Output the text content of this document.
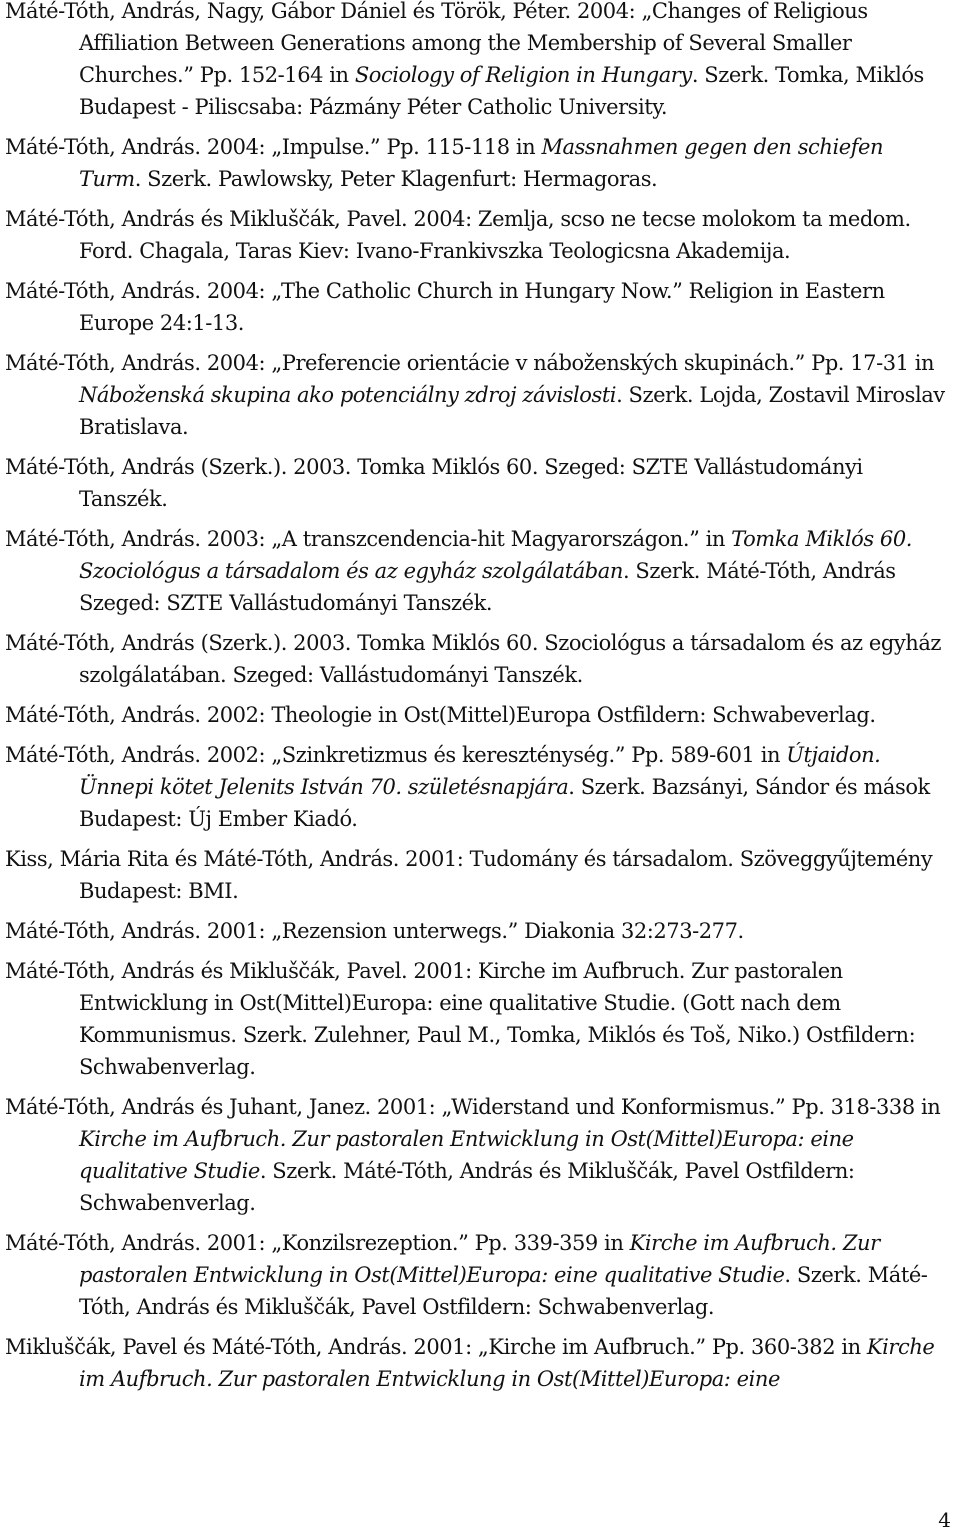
Máté-Tóth, András, Nagy, Gábor Dániel és Török, Péter. 2004: „Changes of Religious Affiliation Between Generations among the Membership of Several Smaller Churches.” Pp. 152-164 in Sociology of Religion in Hungary. Szerk. Tomka, Miklós Budapest - Piliscsaba: Pázmány Péter Catholic University.

Máté-Tóth, András. 2004: „Impulse.” Pp. 115-118 in Massnahmen gegen den schiefen Turm. Szerk. Pawlowsky, Peter Klagenfurt: Hermagoras.

Máté-Tóth, András és Mikluščák, Pavel. 2004: Zemlja, scso ne tecse molokom ta medom. Ford. Chagala, Taras Kiev: Ivano-Frankivszka Teologicsna Akademija.

Máté-Tóth, András. 2004: „The Catholic Church in Hungary Now.” Religion in Eastern Europe 24:1-13.

Máté-Tóth, András. 2004: „Preferencie orientácie v náboženských skupinách.” Pp. 17-31 in Náboženská skupina ako potenciálny zdroj závislosti. Szerk. Lojda, Zostavil Miroslav Bratislava.

Máté-Tóth, András (Szerk.). 2003. Tomka Miklós 60. Szeged: SZTE Vallástudományi Tanszék.

Máté-Tóth, András. 2003: „A transzcendencia-hit Magyarországon.” in Tomka Miklós 60. Szociológus a társadalom és az egyház szolgálatában. Szerk. Máté-Tóth, András Szeged: SZTE Vallástudományi Tanszék.

Máté-Tóth, András (Szerk.). 2003. Tomka Miklós 60. Szociológus a társadalom és az egyház szolgálatában. Szeged: Vallástudományi Tanszék.

Máté-Tóth, András. 2002: Theologie in Ost(Mittel)Europa Ostfildern: Schwabeverlag.

Máté-Tóth, András. 2002: „Szinkretizmus és kereszténység.” Pp. 589-601 in Útjaidon. Ünnepi kötet Jelenits István 70. születésnapjára. Szerk. Bazsányi, Sándor és mások Budapest: Új Ember Kiadó.

Kiss, Mária Rita és Máté-Tóth, András. 2001: Tudomány és társadalom. Szöveggyűjtemény Budapest: BMI.

Máté-Tóth, András. 2001: „Rezension unterwegs.” Diakonia 32:273-277.

Máté-Tóth, András és Mikluščák, Pavel. 2001: Kirche im Aufbruch. Zur pastoralen Entwicklung in Ost(Mittel)Europa: eine qualitative Studie. (Gott nach dem Kommunismus. Szerk. Zulehner, Paul M., Tomka, Miklós és Toš, Niko.) Ostfildern: Schwabenverlag.

Máté-Tóth, András és Juhant, Janez. 2001: „Widerstand und Konformismus.” Pp. 318-338 in Kirche im Aufbruch. Zur pastoralen Entwicklung in Ost(Mittel)Europa: eine qualitative Studie. Szerk. Máté-Tóth, András és Mikluščák, Pavel Ostfildern: Schwabenverlag.

Máté-Tóth, András. 2001: „Konzilsrezeption.” Pp. 339-359 in Kirche im Aufbruch. Zur pastoralen Entwicklung in Ost(Mittel)Europa: eine qualitative Studie. Szerk. Máté-Tóth, András és Mikluščák, Pavel Ostfildern: Schwabenverlag.

Mikluščák, Pavel és Máté-Tóth, András. 2001: „Kirche im Aufbruch.” Pp. 360-382 in Kirche im Aufbruch. Zur pastoralen Entwicklung in Ost(Mittel)Europa: eine

4
